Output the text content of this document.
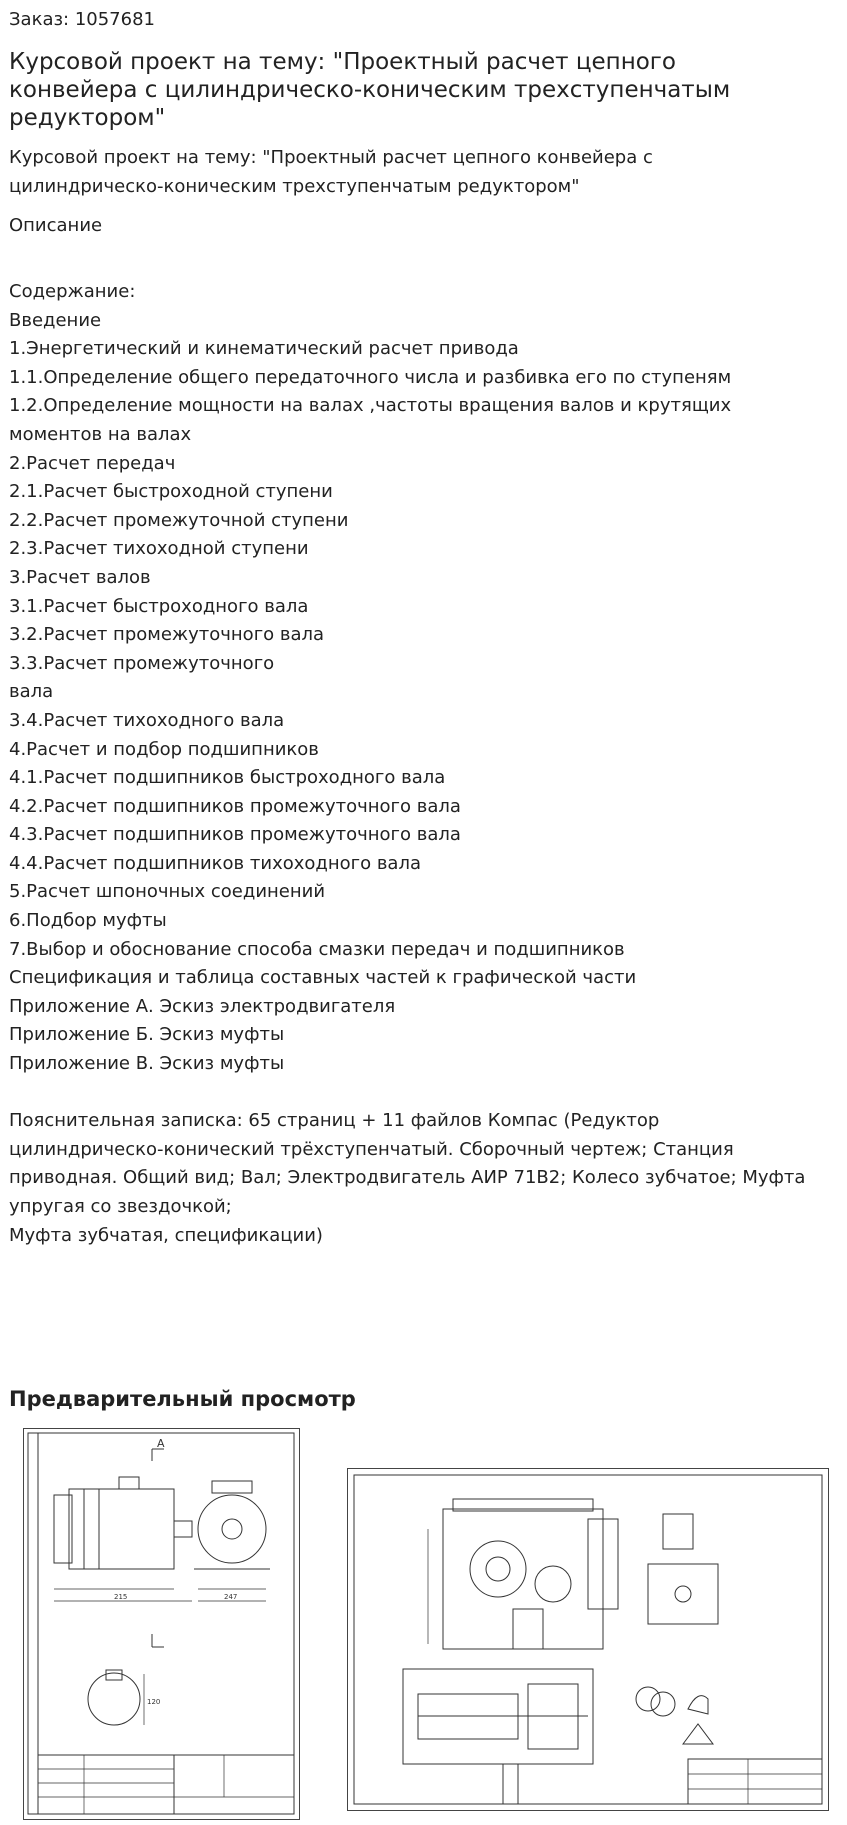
Заказ: 1057681
Курсовой проект на тему: "Проектный расчет цепного конвейера с цилиндрическо-коническим трехступенчатым редуктором"
Курсовой проект на тему: "Проектный расчет цепного конвейера с цилиндрическо-коническим трехступенчатым редуктором"
Описание
Содержание:
Введение
1.Энергетический и кинематический расчет привода
1.1.Определение общего передаточного числа и разбивка его по ступеням
1.2.Определение мощности на валах ,частоты вращения валов и крутящих моментов на валах
2.Расчет передач
2.1.Расчет быстроходной ступени
2.2.Расчет промежуточной ступени
2.3.Расчет тихоходной ступени
3.Расчет валов
3.1.Расчет быстроходного вала
3.2.Расчет промежуточного вала
3.3.Расчет промежуточного
вала
3.4.Расчет тихоходного вала
4.Расчет и подбор подшипников
4.1.Расчет подшипников быстроходного вала
4.2.Расчет подшипников промежуточного вала
4.3.Расчет подшипников промежуточного вала
4.4.Расчет подшипников тихоходного вала
5.Расчет шпоночных соединений
6.Подбор муфты
7.Выбор и обоснование способа смазки передач и подшипников
Спецификация и таблица составных частей к графической части
Приложение А. Эскиз электродвигателя
Приложение Б. Эскиз муфты
Приложение В. Эскиз муфты

Пояснительная записка: 65 страниц + 11 файлов Компас (Редуктор цилиндрическо-конический трёхступенчатый. Сборочный чертеж; Станция приводная. Общий вид; Вал; Электродвигатель АИР 71В2; Колесо зубчатое; Муфта упругая со звездочкой;
Муфта зубчатая, спецификации)
Предварительный просмотр
215	247
А
120
